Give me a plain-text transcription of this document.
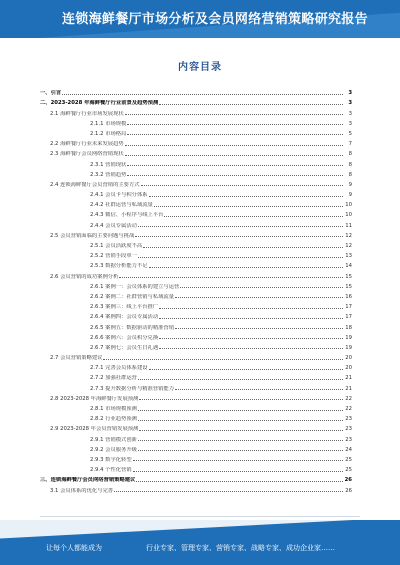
连锁海鲜餐厅市场分析及会员网络营销策略研究报告
内容目录
一、引言	3
二、2023-2028 年海鲜餐厅行业前景及趋势预测	3
2.1 海鲜餐厅行业市场发展现状	3
2.1.1 市场规模	3
2.1.2 市场格局	5
2.2 海鲜餐厅行业未来发展趋势	7
2.3 海鲜餐厅会员网络营销现状	8
2.3.1 营销现状	8
2.3.2 营销趋势	8
2.4 连锁海鲜餐厅会员营销的主要方式	9
2.4.1 会员卡与积分体系	9
2.4.2 社群运营与私域流量	10
2.4.3 微信、小程序与线上平台	10
2.4.4 会员专属活动	11
2.5 会员营销面临的主要问题与挑战	12
2.5.1 会员活跃度不高	12
2.5.2 营销手段单一	13
2.5.3 数据分析能力不足	14
2.6 会员营销的成功案例分析	15
2.6.1 案例一：会员体系的建立与运营	15
2.6.2 案例二：社群营销与私域流量	16
2.6.3 案例三：线上平台推广	17
2.6.4 案例四：会员专属活动	17
2.6.5 案例五：数据驱动的精准营销	18
2.6.6 案例六：会员积分兑换	19
2.6.7 案例七：会员生日礼遇	19
2.7 会员营销策略建议	20
2.7.1 完善会员体系建设	20
2.7.2 加强社群运营	21
2.7.3 提升数据分析与精准营销能力	21
2.8 2023-2028 年海鲜餐厅发展预测	22
2.8.1 市场规模预测	22
2.8.2 行业趋势预测	23
2.9 2023-2028 年会员营销发展预测	23
2.9.1 营销模式创新	23
2.9.2 会员服务升级	24
2.9.3 数字化转型	25
2.9.4 个性化营销	25
三、连锁海鲜餐厅会员网络营销策略建议	26
3.1 会员体系的优化与完善	26
让每个人都能成为	行业专家、管理专家、营销专家、战略专家、成功企业家……
